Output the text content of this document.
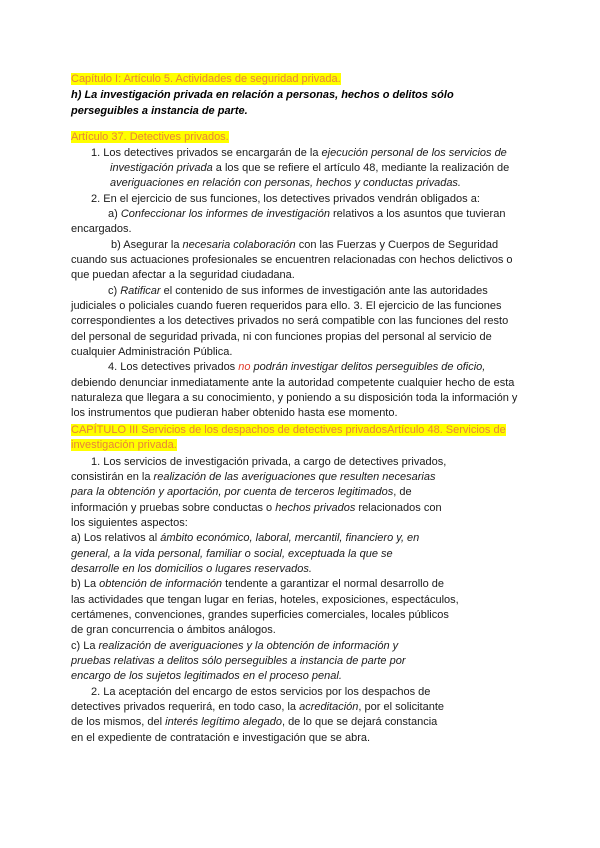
Capítulo I: Artículo 5. Actividades de seguridad privada.
h) La investigación privada en relación a personas, hechos o delitos sólo
perseguibles a instancia de parte.
Artículo 37. Detectives privados.
1. Los detectives privados se encargarán de la ejecución personal de los servicios de
investigación privada a los que se refiere el artículo 48, mediante la realización de
averiguaciones en relación con personas, hechos y conductas privadas.
2. En el ejercicio de sus funciones, los detectives privados vendrán obligados a:
a) Confeccionar los informes de investigación relativos a los asuntos que tuvieran
encargados.
b) Asegurar la necesaria colaboración con las Fuerzas y Cuerpos de Seguridad
cuando sus actuaciones profesionales se encuentren relacionadas con hechos delictivos o
que puedan afectar a la seguridad ciudadana.
c) Ratificar el contenido de sus informes de investigación ante las autoridades
judiciales o policiales cuando fueren requeridos para ello. 3. El ejercicio de las funciones
correspondientes a los detectives privados no será compatible con las funciones del resto
del personal de seguridad privada, ni con funciones propias del personal al servicio de
cualquier Administración Pública.
4. Los detectives privados no podrán investigar delitos perseguibles de oficio,
debiendo denunciar inmediatamente ante la autoridad competente cualquier hecho de esta
naturaleza que llegara a su conocimiento, y poniendo a su disposición toda la información y
los instrumentos que pudieran haber obtenido hasta ese momento.
CAPÍTULO III Servicios de los despachos de detectives privadosArtículo 48. Servicios de
investigación privada.
1. Los servicios de investigación privada, a cargo de detectives privados,
consistirán en la realización de las averiguaciones que resulten necesarias
para la obtención y aportación, por cuenta de terceros legitimados, de
información y pruebas sobre conductas o hechos privados relacionados con
los siguientes aspectos:
a) Los relativos al ámbito económico, laboral, mercantil, financiero y, en
general, a la vida personal, familiar o social, exceptuada la que se
desarrolle en los domicilios o lugares reservados.
b) La obtención de información tendente a garantizar el normal desarrollo de
las actividades que tengan lugar en ferias, hoteles, exposiciones, espectáculos,
certámenes, convenciones, grandes superficies comerciales, locales públicos
de gran concurrencia o ámbitos análogos.
c) La realización de averiguaciones y la obtención de información y
pruebas relativas a delitos sólo perseguibles a instancia de parte por
encargo de los sujetos legitimados en el proceso penal.
2. La aceptación del encargo de estos servicios por los despachos de
detectives privados requerirá, en todo caso, la acreditación, por el solicitante
de los mismos, del interés legítimo alegado, de lo que se dejará constancia
en el expediente de contratación e investigación que se abra.
